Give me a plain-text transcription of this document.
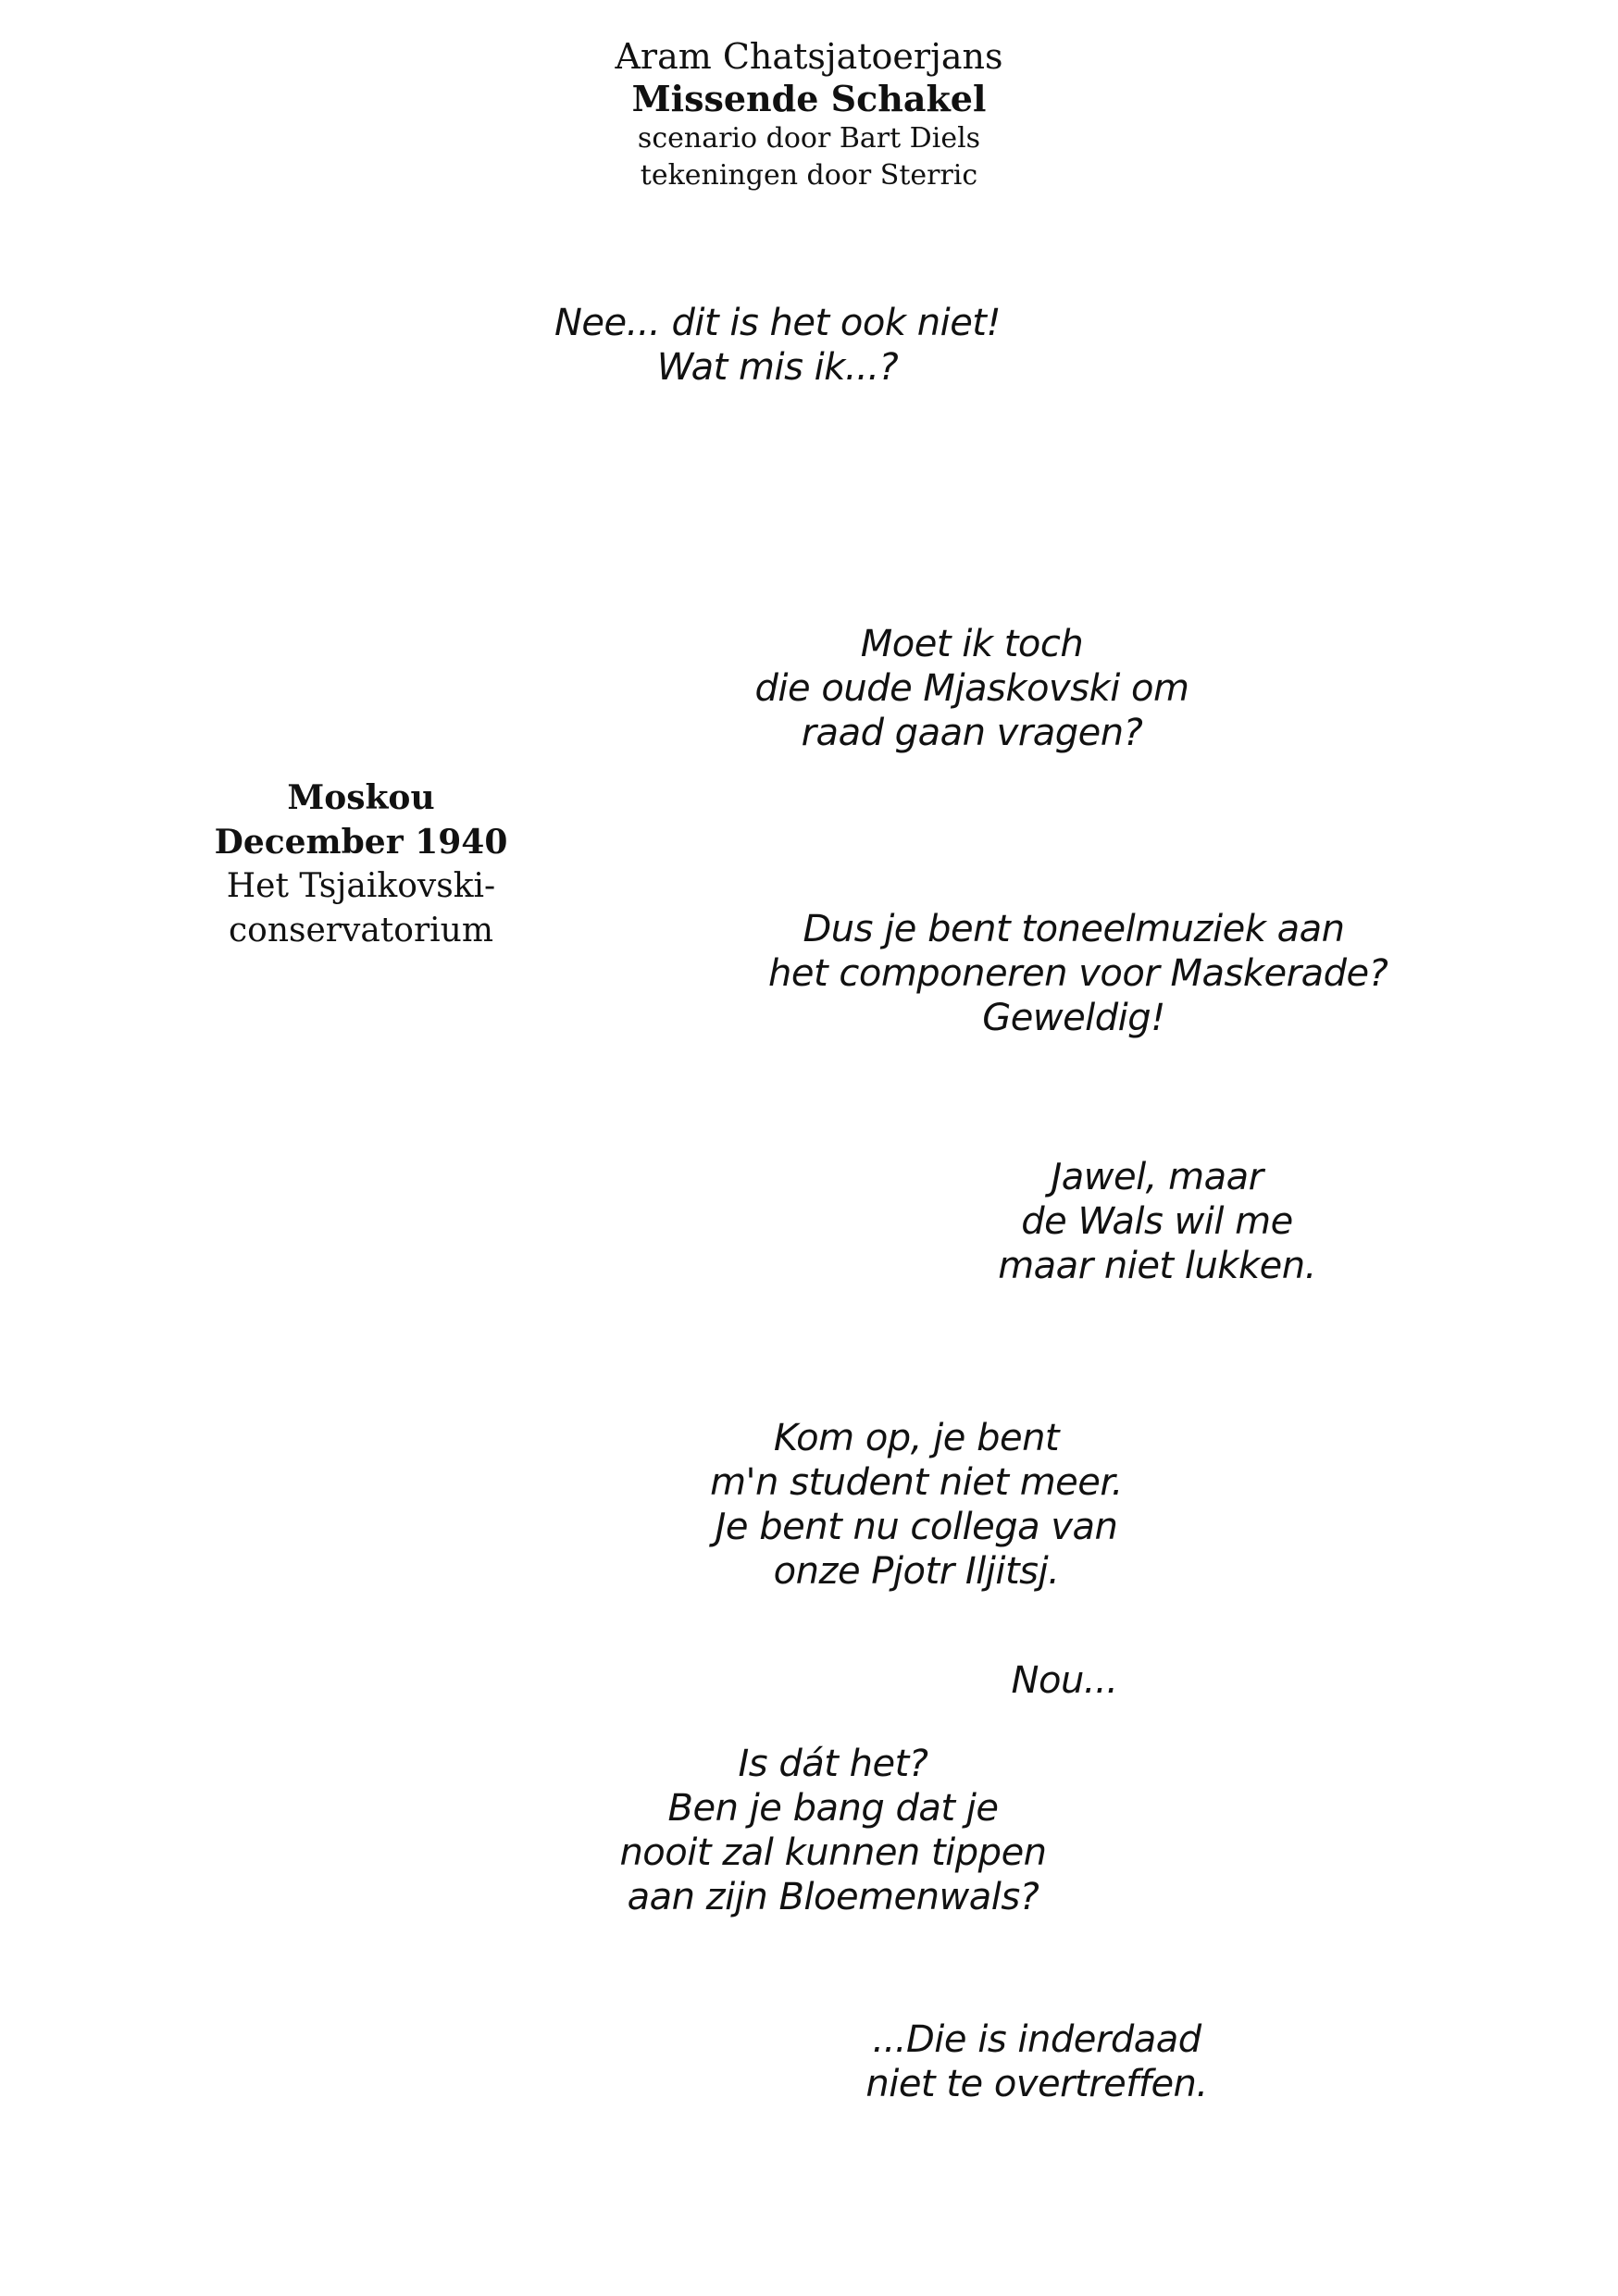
Aram Chatsjatoerjans
Missende Schakel
scenario door Bart Diels
tekeningen door Sterric
Moskou
December 1940
Het Tsjaikovski-
conservatorium
Nee... dit is het ook niet!
Wat mis ik...?
Moet ik toch
die oude Mjaskovski om
raad gaan vragen?
Dus je bent toneelmuziek aan
het componeren voor Maskerade?
Geweldig!
Jawel, maar
de Wals wil me
maar niet lukken.
Kom op, je bent
m'n student niet meer.
Je bent nu collega van
onze Pjotr Iljitsj.
Nou...
Is dát het?
Ben je bang dat je
nooit zal kunnen tippen
aan zijn Bloemenwals?
...Die is inderdaad
niet te overtreffen.
